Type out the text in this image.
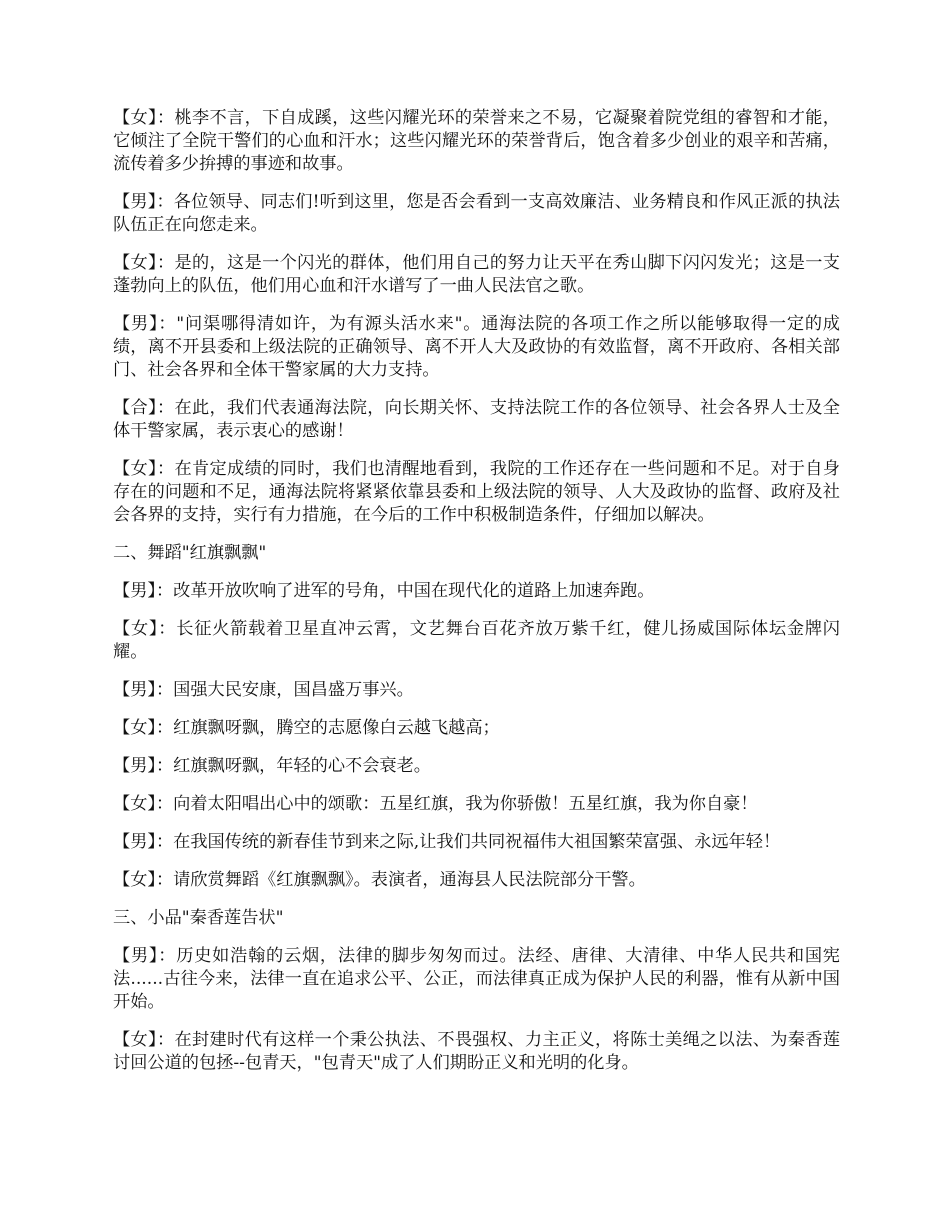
【女】：桃李不言，下自成蹊，这些闪耀光环的荣誉来之不易，它凝聚着院党组的睿智和才能，它倾注了全院干警们的心血和汗水；这些闪耀光环的荣誉背后，饱含着多少创业的艰辛和苦痛，流传着多少拚搏的事迹和故事。

【男】：各位领导、同志们!听到这里，您是否会看到一支高效廉洁、业务精良和作风正派的执法队伍正在向您走来。

【女】：是的，这是一个闪光的群体，他们用自己的努力让天平在秀山脚下闪闪发光；这是一支蓬勃向上的队伍，他们用心血和汗水谱写了一曲人民法官之歌。

【男】："问渠哪得清如许，为有源头活水来"。通海法院的各项工作之所以能够取得一定的成绩，离不开县委和上级法院的正确领导、离不开人大及政协的有效监督，离不开政府、各相关部门、社会各界和全体干警家属的大力支持。

【合】：在此，我们代表通海法院，向长期关怀、支持法院工作的各位领导、社会各界人士及全体干警家属，表示衷心的感谢！

【女】：在肯定成绩的同时，我们也清醒地看到，我院的工作还存在一些问题和不足。对于自身存在的问题和不足，通海法院将紧紧依靠县委和上级法院的领导、人大及政协的监督、政府及社会各界的支持，实行有力措施，在今后的工作中积极制造条件，仔细加以解决。

二、舞蹈"红旗飘飘"

【男】：改革开放吹响了进军的号角，中国在现代化的道路上加速奔跑。

【女】：长征火箭载着卫星直冲云霄，文艺舞台百花齐放万紫千红，健儿扬威国际体坛金牌闪耀。

【男】：国强大民安康，国昌盛万事兴。

【女】：红旗飘呀飘，腾空的志愿像白云越飞越高；

【男】：红旗飘呀飘，年轻的心不会衰老。

【女】：向着太阳唱出心中的颂歌：五星红旗，我为你骄傲！五星红旗，我为你自豪！

【男】：在我国传统的新春佳节到来之际,让我们共同祝福伟大祖国繁荣富强、永远年轻！

【女】：请欣赏舞蹈《红旗飘飘》。表演者，通海县人民法院部分干警。

三、小品"秦香莲告状"

【男】：历史如浩翰的云烟，法律的脚步匆匆而过。法经、唐律、大清律、中华人民共和国宪法......古往今来，法律一直在追求公平、公正，而法律真正成为保护人民的利器，惟有从新中国开始。

【女】：在封建时代有这样一个秉公执法、不畏强权、力主正义，将陈士美绳之以法、为秦香莲讨回公道的包拯--包青天，"包青天"成了人们期盼正义和光明的化身。
